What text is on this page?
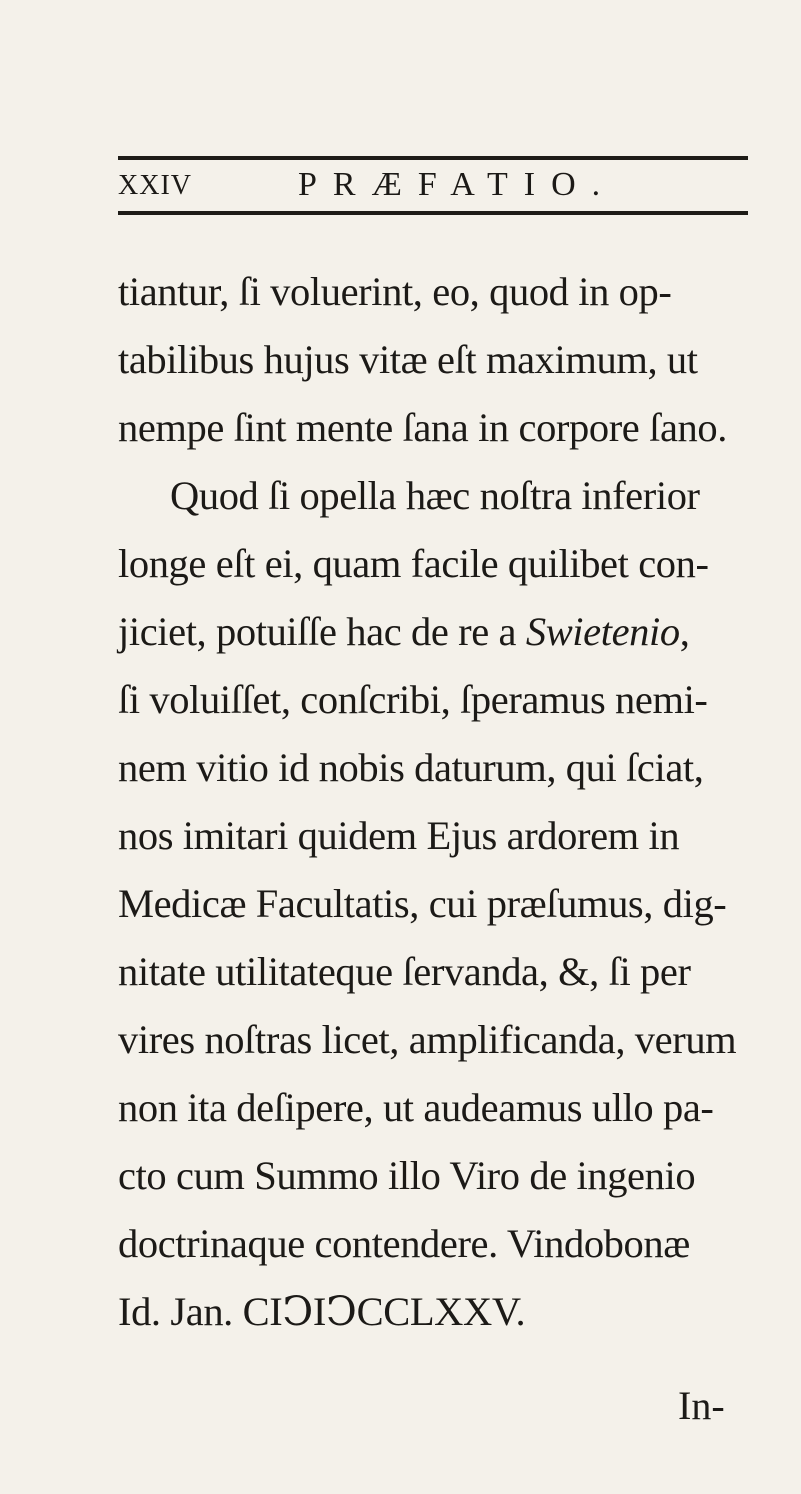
XXIV	PRÆFATIO.
tiantur, ſi voluerint, eo, quod in op-
tabilibus hujus vitæ eſt maximum, ut
nempe ſint mente ſana in corpore ſano.
Quod ſi opella hæc noſtra inferior
longe eſt ei, quam facile quilibet con-
jiciet, potuiſſe hac de re a Swietenio,
ſi voluiſſet, conſcribi, ſperamus nemi-
nem vitio id nobis daturum, qui ſciat,
nos imitari quidem Ejus ardorem in
Medicæ Facultatis, cui præſumus, dig-
nitate utilitateque ſervanda, &, ſi per
vires noſtras licet, amplificanda, verum
non ita deſipere, ut audeamus ullo pa-
cto cum Summo illo Viro de ingenio
doctrinaque contendere. Vindobonæ
Id. Jan. CIↃIↃCCLXXV.
In-
